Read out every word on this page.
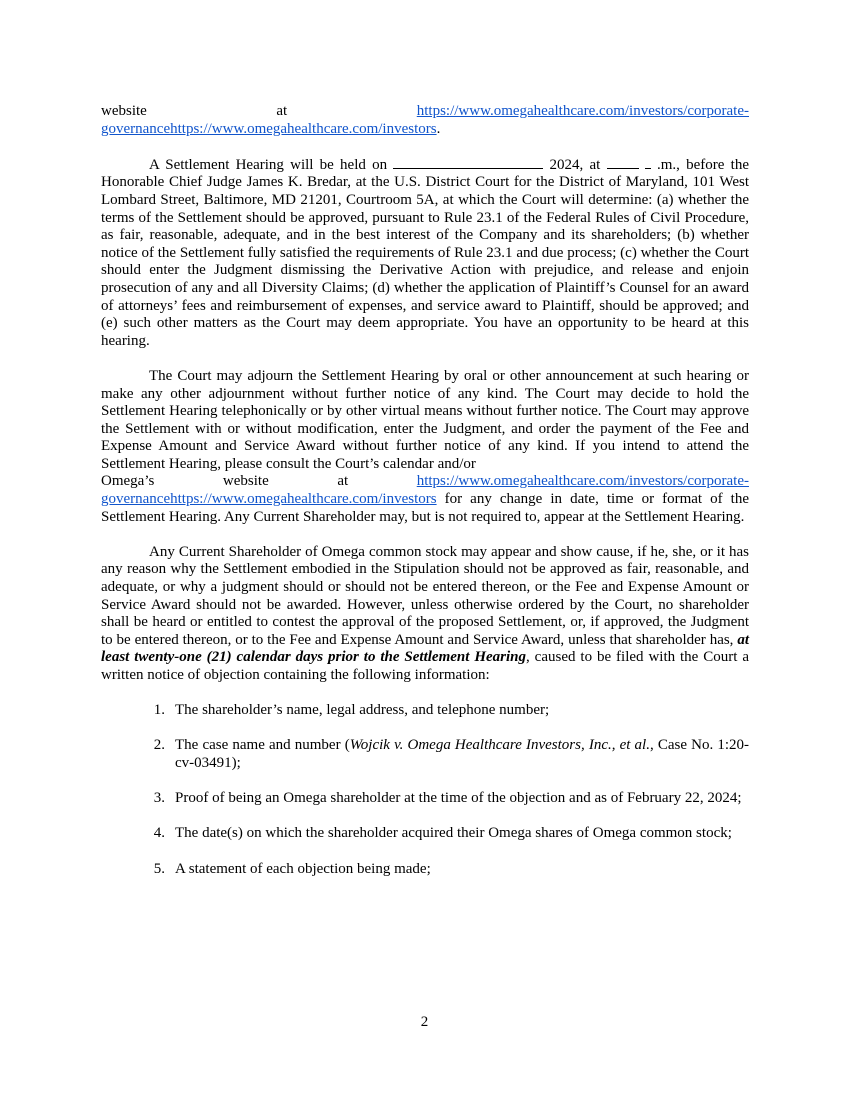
website	at	https://www.omegahealthcare.com/investors/corporate-

governancehttps://www.omegahealthcare.com/investors.

A Settlement Hearing will be held on	2024, at	.m., before the Honorable Chief Judge James K. Bredar, at the U.S. District Court for the District of Maryland, 101 West Lombard Street, Baltimore, MD 21201, Courtroom 5A, at which the Court will determine: (a) whether the terms of the Settlement should be approved, pursuant to Rule 23.1 of the Federal Rules of Civil Procedure, as fair, reasonable, adequate, and in the best interest of the Company and its shareholders; (b) whether notice of the Settlement fully satisfied the requirements of Rule 23.1 and due process; (c) whether the Court should enter the Judgment dismissing the Derivative Action with prejudice, and release and enjoin prosecution of any and all Diversity Claims; (d) whether the application of Plaintiff’s Counsel for an award of attorneys’ fees and reimbursement of expenses, and service award to Plaintiff, should be approved; and (e) such other matters as the Court may deem appropriate. You have an opportunity to be heard at this hearing.

The Court may adjourn the Settlement Hearing by oral or other announcement at such hearing or make any other adjournment without further notice of any kind. The Court may decide to hold the Settlement Hearing telephonically or by other virtual means without further notice. The Court may approve the Settlement with or without modification, enter the Judgment, and order the payment of the Fee and Expense Amount and Service Award without further notice of any kind. If you intend to attend the Settlement Hearing, please consult the Court’s calendar and/or

Omega’s	website	at	https://www.omegahealthcare.com/investors/corporate-

governancehttps://www.omegahealthcare.com/investors for any change in date, time or format of the Settlement Hearing. Any Current Shareholder may, but is not required to, appear at the Settlement Hearing.

Any Current Shareholder of Omega common stock may appear and show cause, if he, she, or it has any reason why the Settlement embodied in the Stipulation should not be approved as fair, reasonable, and adequate, or why a judgment should or should not be entered thereon, or the Fee and Expense Amount or Service Award should not be awarded. However, unless otherwise ordered by the Court, no shareholder shall be heard or entitled to contest the approval of the proposed Settlement, or, if approved, the Judgment to be entered thereon, or to the Fee and Expense Amount and Service Award, unless that shareholder has, at least twenty-one (21) calendar days prior to the Settlement Hearing, caused to be filed with the Court a written notice of objection containing the following information:

1. The shareholder’s name, legal address, and telephone number;
2. The case name and number (Wojcik v. Omega Healthcare Investors, Inc., et al., Case No. 1:20-cv-03491);
3. Proof of being an Omega shareholder at the time of the objection and as of February 22, 2024;
4. The date(s) on which the shareholder acquired their Omega shares of Omega common stock;
5. A statement of each objection being made;
2
